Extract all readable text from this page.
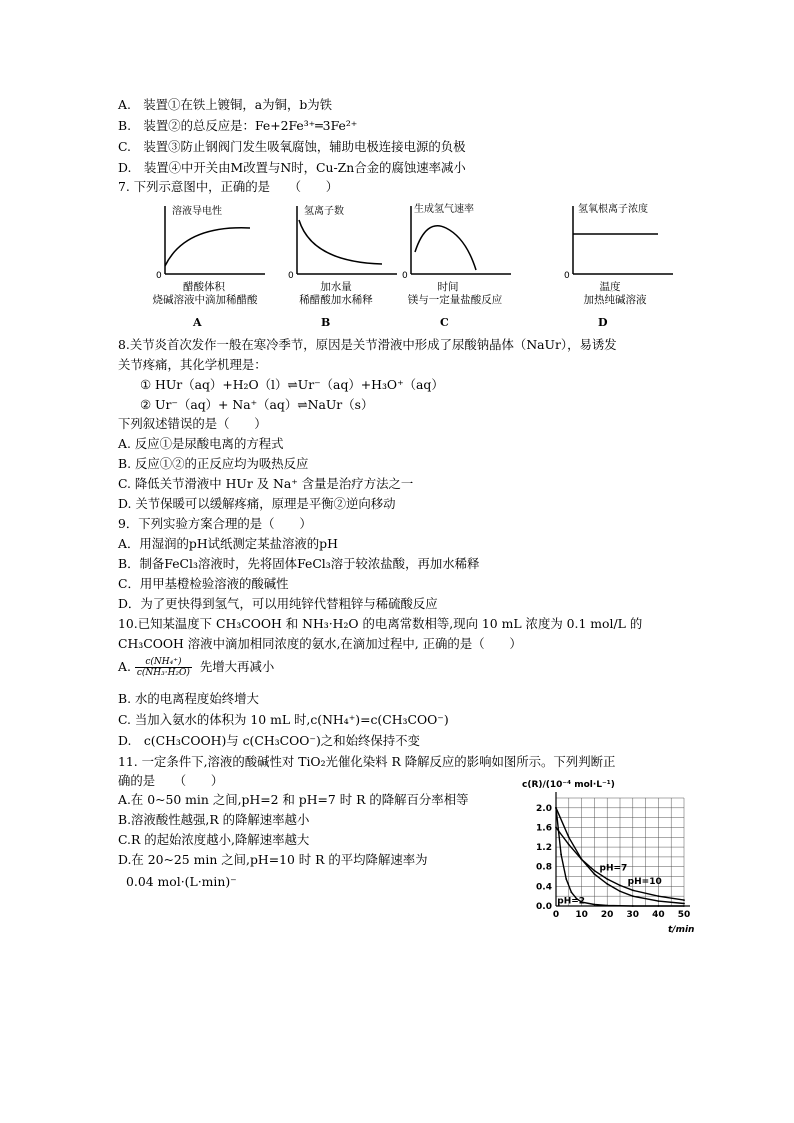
A.　装置①在铁上镀铜，a为铜，b为铁
B.　装置②的总反应是：Fe+2Fe³⁺═3Fe²⁺
C.　装置③防止钢阀门发生吸氧腐蚀，辅助电极连接电源的负极
D.　装置④中开关由M改置与N时，Cu-Zn合金的腐蚀速率减小
7. 下列示意图中，正确的是　　（　　）
0
溶液导电性
醋酸体积
烧碱溶液中滴加稀醋酸
A
0
氢离子数
加水量
稀醋酸加水稀释
B
0
生成氢气速率
时间
镁与一定量盐酸反应
C
0
氢氧根离子浓度
温度
加热纯碱溶液
D
8.关节炎首次发作一般在寒冷季节，原因是关节滑液中形成了尿酸钠晶体（NaUr），易诱发
关节疼痛，其化学机理是：
① HUr（aq）+H₂O（l）⇌Ur⁻（aq）+H₃O⁺（aq）
② Ur⁻（aq）+ Na⁺（aq）⇌NaUr（s）
下列叙述错误的是（　　）
A. 反应①是尿酸电离的方程式
B. 反应①②的正反应均为吸热反应
C. 降低关节滑液中 HUr 及 Na⁺ 含量是治疗方法之一
D. 关节保暖可以缓解疼痛，原理是平衡②逆向移动
9．下列实验方案合理的是（　　）
A．用湿润的pH试纸测定某盐溶液的pH
B．制备FeCl₃溶液时，先将固体FeCl₃溶于较浓盐酸，再加水稀释
C．用甲基橙检验溶液的酸碱性
D．为了更快得到氢气，可以用纯锌代替粗锌与稀硫酸反应
10.已知某温度下 CH₃COOH 和 NH₃·H₂O 的电离常数相等,现向 10 mL 浓度为 0.1 mol/L 的
CH₃COOH 溶液中滴加相同浓度的氨水,在滴加过程中, 正确的是（　　）
A. $\frac{\text{c(NH₄⁺)}}{\text{c(NH₃·H₂O)}}$ 先增大再减小
B. 水的电离程度始终增大
C. 当加入氨水的体积为 10 mL 时,c(NH₄⁺)=c(CH₃COO⁻)
D.　c(CH₃COOH)与 c(CH₃COO⁻)之和始终保持不变
11. 一定条件下,溶液的酸碱性对 TiO₂光催化染料 R 降解反应的影响如图所示。下列判断正
确的是　　（　　）
A.在 0~50 min 之间,pH=2 和 pH=7 时 R 的降解百分率相等
B.溶液酸性越强,R 的降解速率越小
C.R 的起始浓度越小,降解速率越大
D.在 20~25 min 之间,pH=10 时 R 的平均降解速率为
0.04 mol·(L·min)⁻
c(R)/(10⁻⁴ mol·L⁻¹)
t/min
0.0
0.4
0.8
1.2
1.6
2.0
0 10 20 30 40 50
pH=2
pH=7
pH=10
